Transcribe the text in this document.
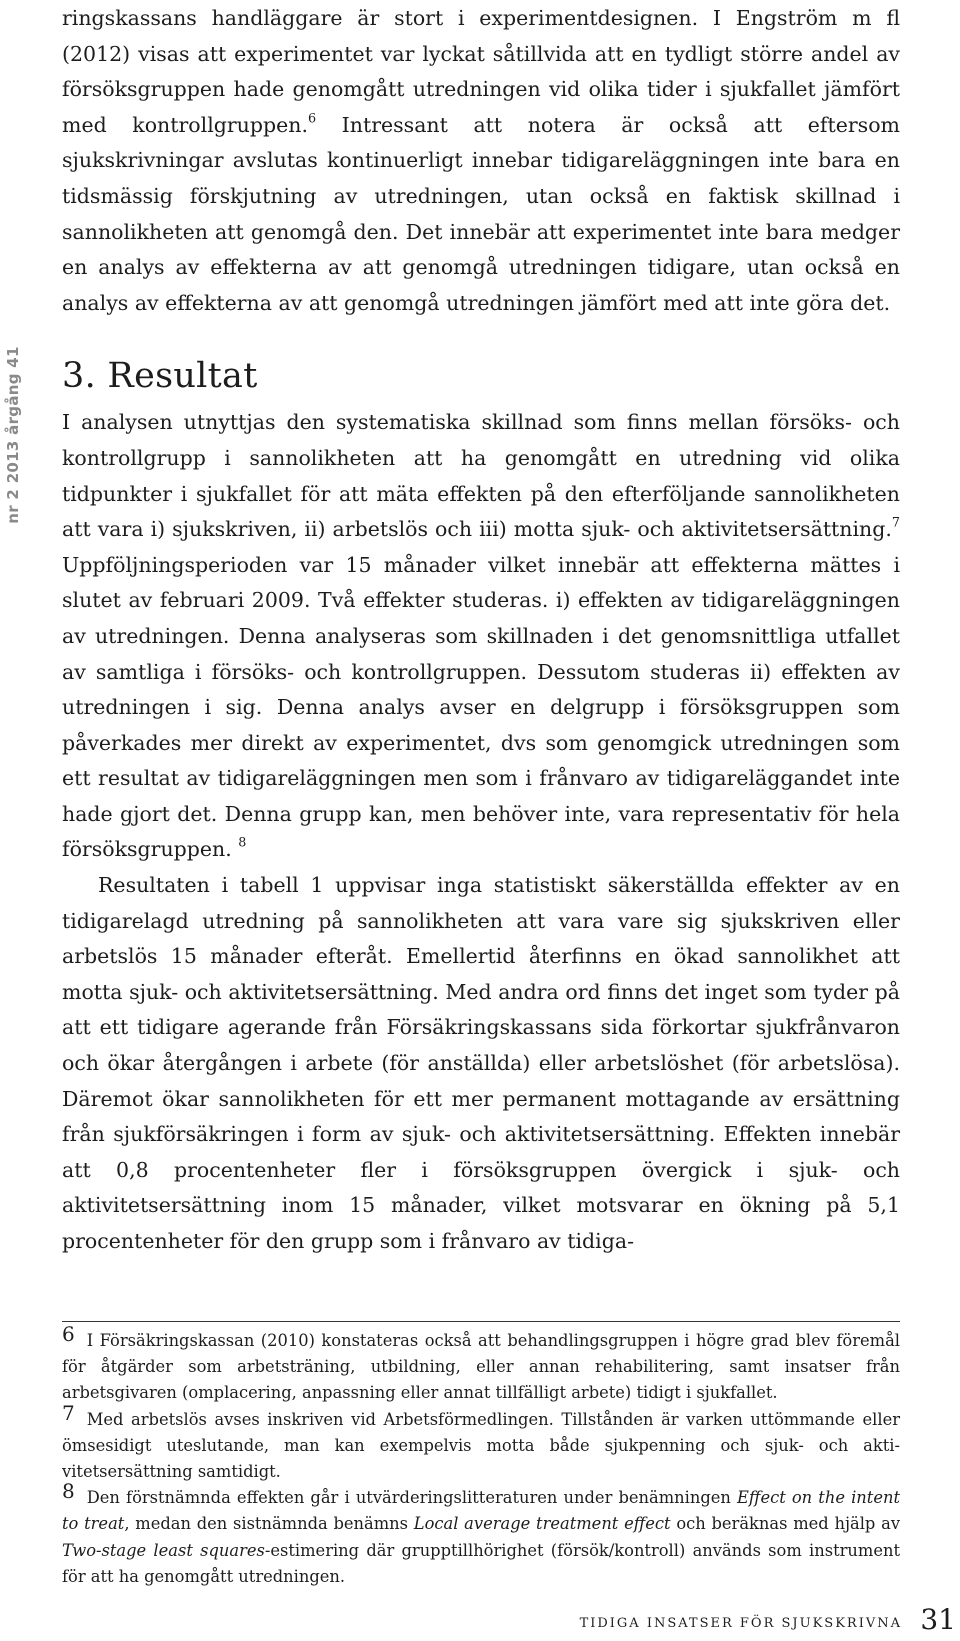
nr 2 2013 årgång 41

ringskassans handläggare är stort i experimentdesignen. I Engström m fl (2012) visas att experimentet var lyckat såtillvida att en tydligt större andel av försöksgruppen hade genomgått utredningen vid olika tider i sjukfallet jämfört med kontrollgruppen.$^6$ Intressant att notera är också att eftersom sjukskrivningar avslutas kontinuerligt innebar tidigareläggningen inte bara en tidsmässig förskjutning av utredningen, utan också en faktisk skillnad i sannolikheten att genomgå den. Det innebär att experimentet inte bara medger en analys av effekterna av att genomgå utredningen tidigare, utan också en analys av effekterna av att genomgå utredningen jämfört med att inte göra det.

3. Resultat

I analysen utnyttjas den systematiska skillnad som finns mellan försöks- och kontrollgrupp i sannolikheten att ha genomgått en utredning vid olika tidpunkter i sjukfallet för att mäta effekten på den efterföljande sannolikheten att vara i) sjukskriven, ii) arbetslös och iii) motta sjuk- och aktivitetsersättning.$^7$ Uppföljningsperioden var 15 månader vilket innebär att effekterna mättes i slutet av februari 2009. Två effekter studeras. i) effekten av tidigareläggningen av utredningen. Denna analyseras som skillnaden i det genomsnittliga utfallet av samtliga i försöks- och kontrollgruppen. Dessutom studeras ii) effekten av utredningen i sig. Denna analys avser en delgrupp i försöksgruppen som påverkades mer direkt av experimentet, dvs som genomgick utredningen som ett resultat av tidigareläggningen men som i frånvaro av tidigareläggandet inte hade gjort det. Denna grupp kan, men behöver inte, vara representativ för hela försöksgruppen. $^8$

Resultaten i tabell 1 uppvisar inga statistiskt säkerställda effekter av en tidigarelagd utredning på sannolikheten att vara vare sig sjukskriven eller arbetslös 15 månader efteråt. Emellertid återfinns en ökad sannolikhet att motta sjuk- och aktivitetsersättning. Med andra ord finns det inget som tyder på att ett tidigare agerande från Försäkringskassans sida förkortar sjukfrånvaron och ökar återgången i arbete (för anställda) eller arbetslöshet (för arbetslösa). Däremot ökar sannolikheten för ett mer permanent mottagande av ersättning från sjukförsäkringen i form av sjuk- och aktivitetsersättning. Effekten innebär att 0,8 procentenheter fler i försöksgruppen övergick i sjuk- och aktivitetsersättning inom 15 månader, vilket motsvarar en ökning på 5,1 procentenheter för den grupp som i frånvaro av tidiga-

6 I Försäkringskassan (2010) konstateras också att behandlingsgruppen i högre grad blev föremål för åtgärder som arbetsträning, utbildning, eller annan rehabilitering, samt insatser från arbetsgivaren (omplacering, anpassning eller annat tillfälligt arbete) tidigt i sjukfallet.

7 Med arbetslös avses inskriven vid Arbetsförmedlingen. Tillstånden är varken uttömmande eller ömsesidigt uteslutande, man kan exempelvis motta både sjukpenning och sjuk- och aktivitetsersättning samtidigt.

8 Den förstnämnda effekten går i utvärderingslitteraturen under benämningen Effect on the intent to treat, medan den sistnämnda benämns Local average treatment effect och beräknas med hjälp av Two-stage least squares-estimering där grupptillhörighet (försök/kontroll) används som instrument för att ha genomgått utredningen.

TIDIGA INSATSER FÖR SJUKSKRIVNA 31
